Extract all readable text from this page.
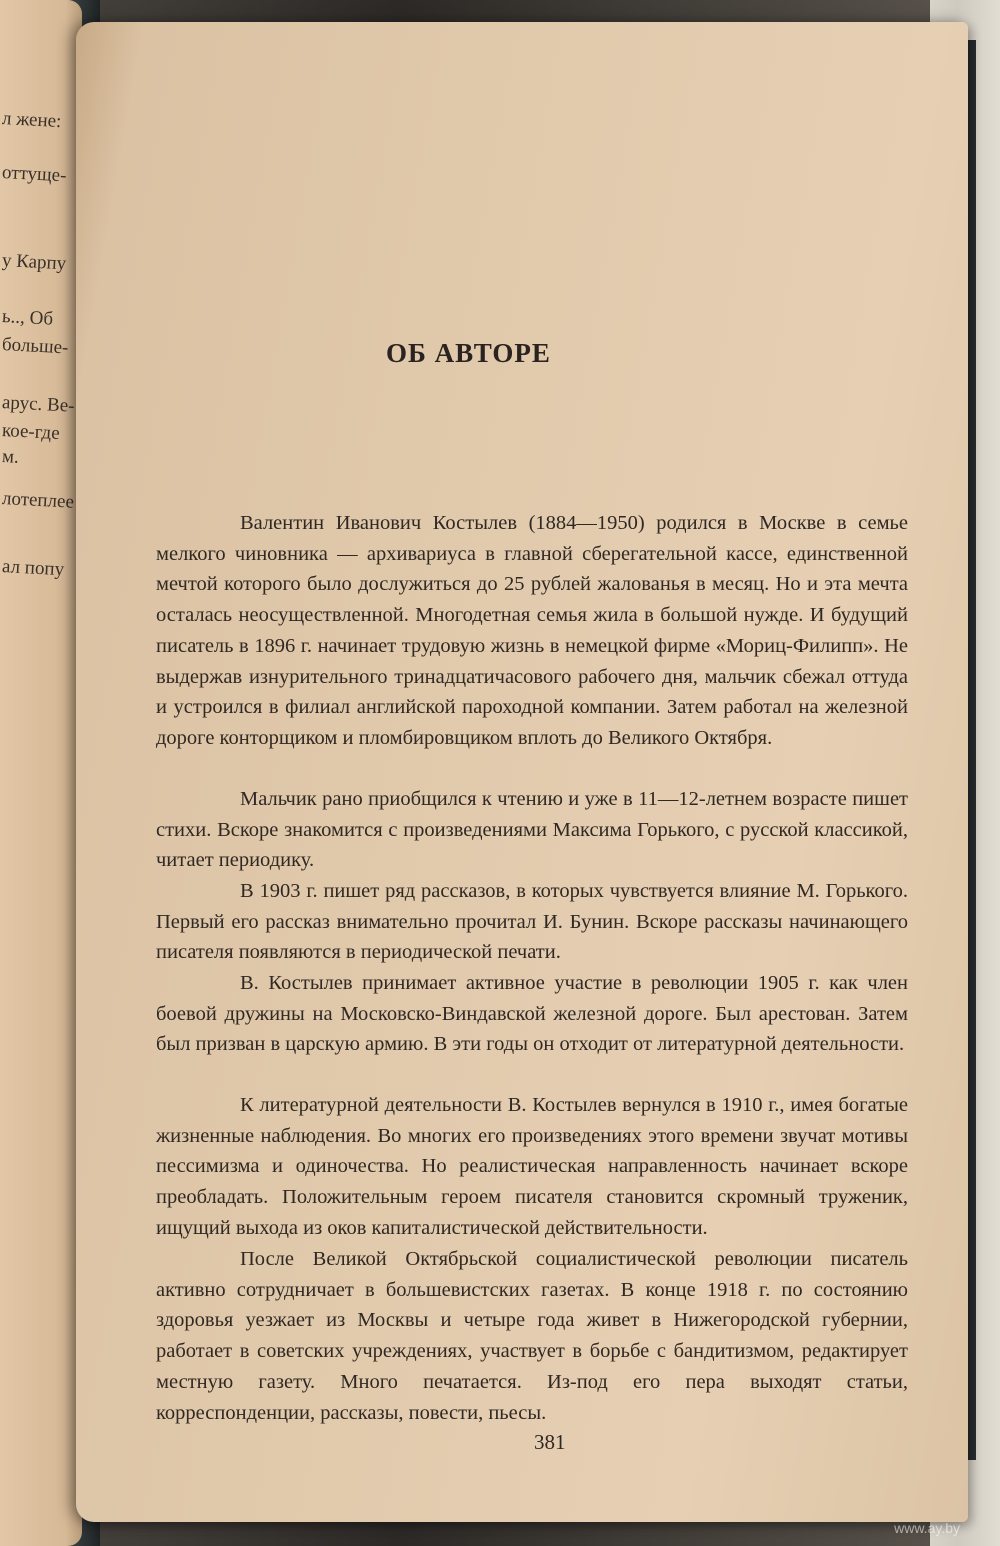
л жене:
оттуще-
у Карпу
ь.., Об
больше-
арус. Ве-
кое-где
м.
лотеплее
ал попу
ОБ АВТОРЕ

Валентин Иванович Костылев (1884—1950) родился в Москве в семье мелкого чиновника — архивариуса в главной сберегательной кассе, единственной мечтой которого было дослужиться до 25 рублей жалованья в месяц. Но и эта мечта осталась неосуществленной. Многодетная семья жила в большой нужде. И будущий писатель в 1896 г. начинает трудовую жизнь в немецкой фирме «Мориц-Филипп». Не выдержав изнурительного тринадцатичасового рабочего дня, мальчик сбежал оттуда и устроился в филиал английской пароходной компании. Затем работал на железной дороге конторщиком и пломбировщиком вплоть до Великого Октября.

Мальчик рано приобщился к чтению и уже в 11—12-летнем возрасте пишет стихи. Вскоре знакомится с произведениями Максима Горького, с русской классикой, читает периодику.

В 1903 г. пишет ряд рассказов, в которых чувствуется влияние М. Горького. Первый его рассказ внимательно прочитал И. Бунин. Вскоре рассказы начинающего писателя появляются в периодической печати.

В. Костылев принимает активное участие в революции 1905 г. как член боевой дружины на Московско-Виндавской железной дороге. Был арестован. Затем был призван в царскую армию. В эти годы он отходит от литературной деятельности.

К литературной деятельности В. Костылев вернулся в 1910 г., имея богатые жизненные наблюдения. Во многих его произведениях этого времени звучат мотивы пессимизма и одиночества. Но реалистическая направленность начинает вскоре преобладать. Положительным героем писателя становится скромный труженик, ищущий выхода из оков капиталистической действительности.

После Великой Октябрьской социалистической революции писатель активно сотрудничает в большевистских газетах. В конце 1918 г. по состоянию здоровья уезжает из Москвы и четыре года живет в Нижегородской губернии, работает в советских учреждениях, участвует в борьбе с бандитизмом, редактирует местную газету. Много печатается. Из-под его пера выходят статьи, корреспонденции, рассказы, повести, пьесы.

381
www.ay.by
